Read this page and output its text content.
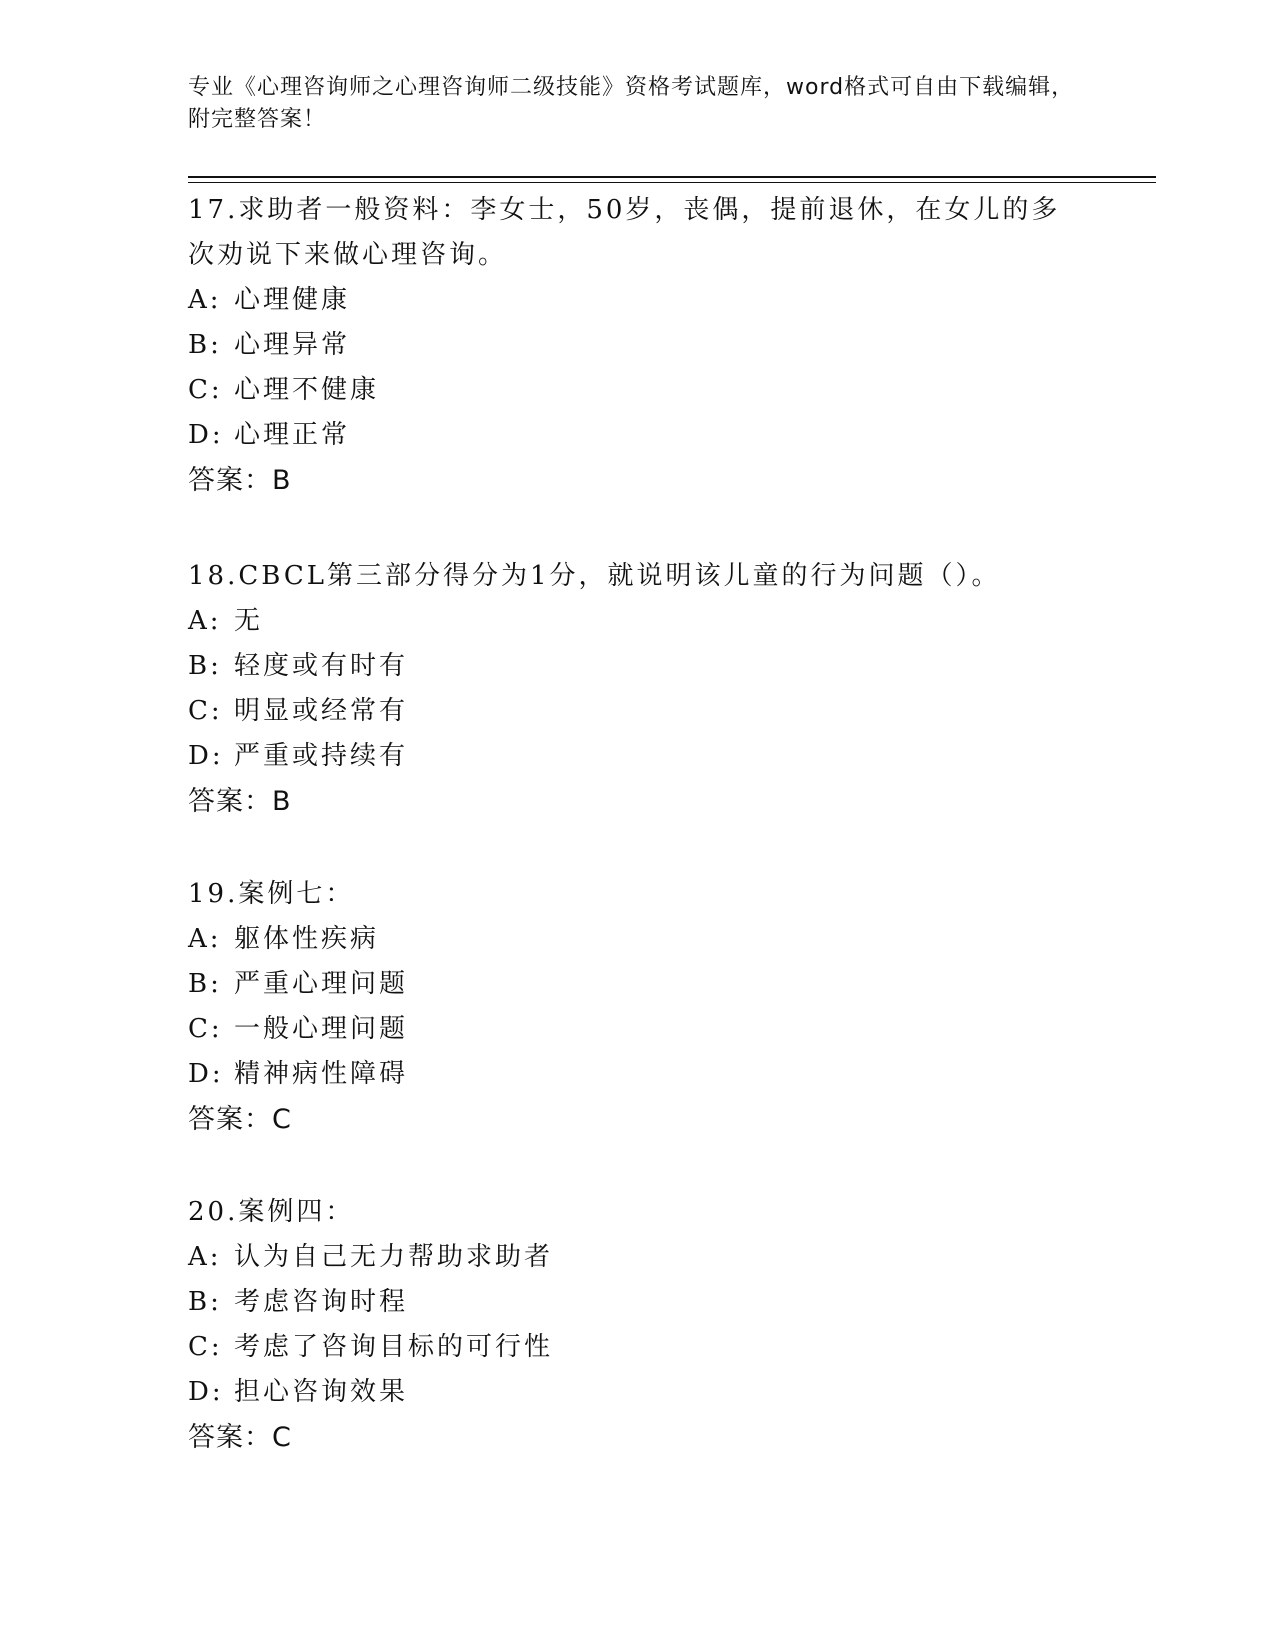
专业《心理咨询师之心理咨询师二级技能》资格考试题库，word格式可自由下载编辑，附完整答案！

17.求助者一般资料：李女士，50岁，丧偶，提前退休，在女儿的多次劝说下来做心理咨询。

A: 心理健康

B: 心理异常

C: 心理不健康

D: 心理正常

答案：B

18.CBCL第三部分得分为1分，就说明该儿童的行为问题（）。

A: 无

B: 轻度或有时有

C: 明显或经常有

D: 严重或持续有

答案：B

19.案例七：

A: 躯体性疾病

B: 严重心理问题

C: 一般心理问题

D: 精神病性障碍

答案：C

20.案例四：

A: 认为自己无力帮助求助者

B: 考虑咨询时程

C: 考虑了咨询目标的可行性

D: 担心咨询效果

答案：C
